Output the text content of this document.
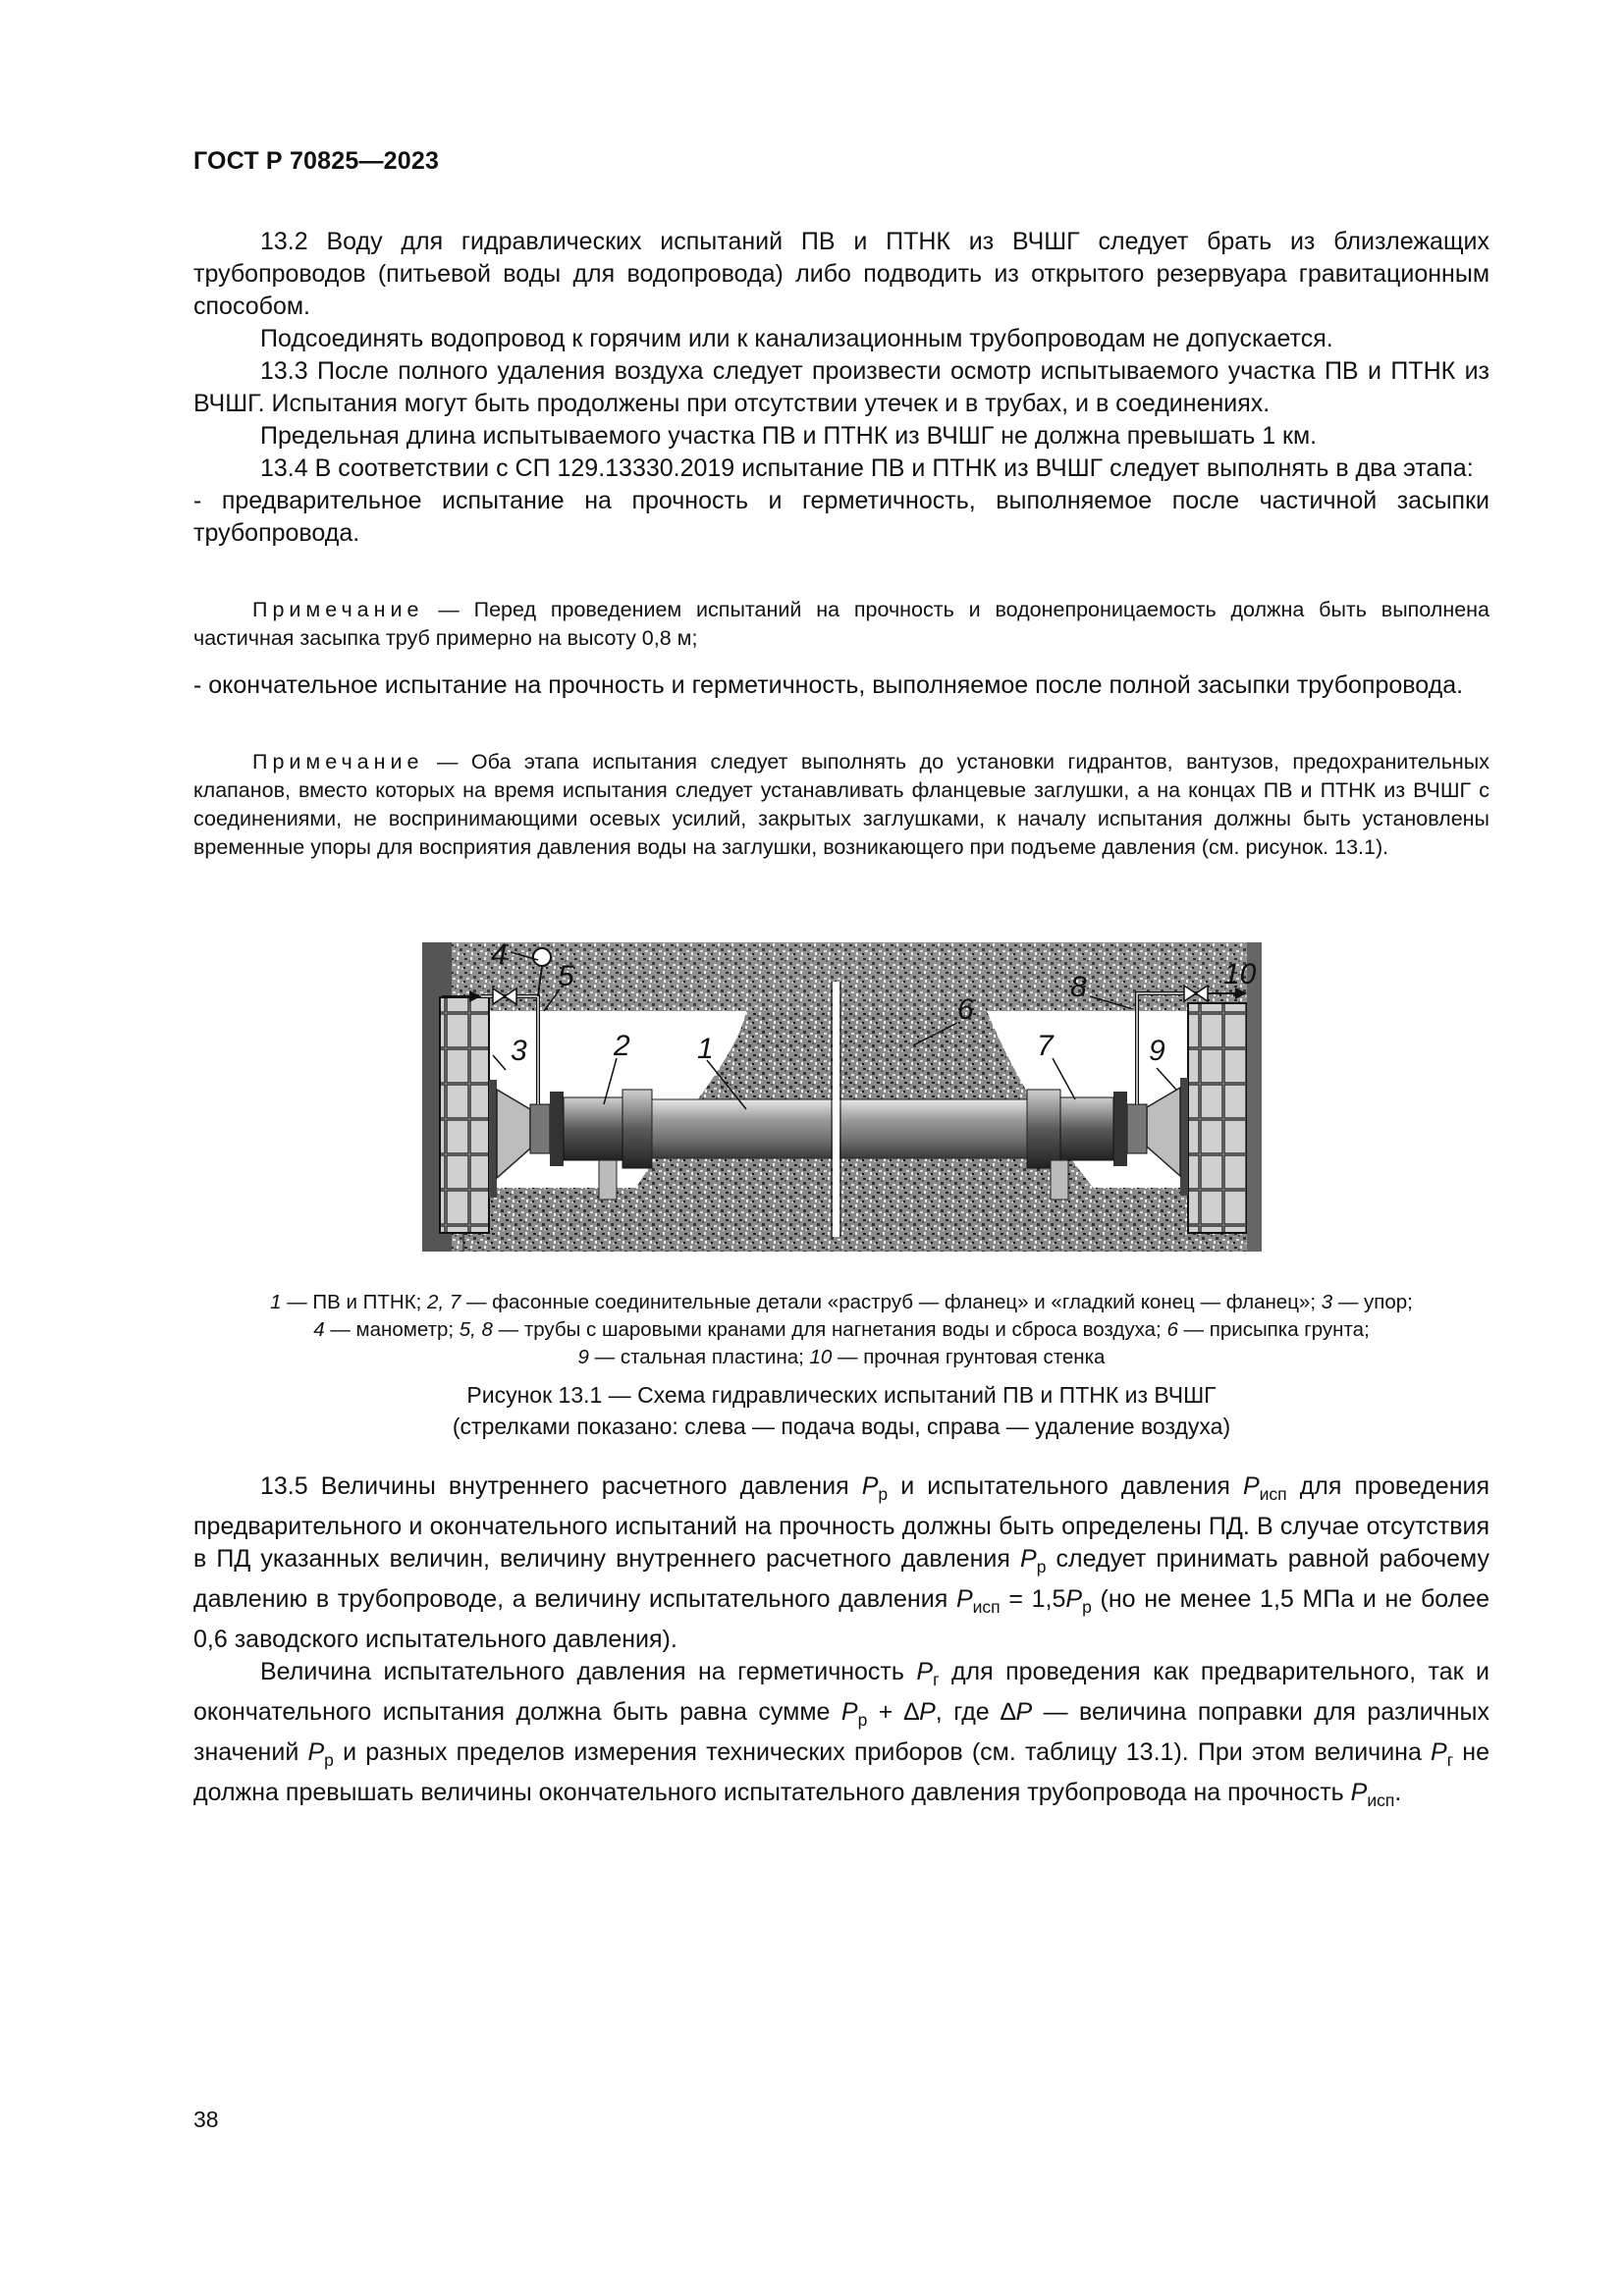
ГОСТ Р 70825—2023

13.2 Воду для гидравлических испытаний ПВ и ПТНК из ВЧШГ следует брать из близлежащих трубопроводов (питьевой воды для водопровода) либо подводить из открытого резервуара гравитационным способом.

Подсоединять водопровод к горячим или к канализационным трубопроводам не допускается.

13.3 После полного удаления воздуха следует произвести осмотр испытываемого участка ПВ и ПТНК из ВЧШГ. Испытания могут быть продолжены при отсутствии утечек и в трубах, и в соединениях.

Предельная длина испытываемого участка ПВ и ПТНК из ВЧШГ не должна превышать 1 км.

13.4 В соответствии с СП 129.13330.2019 испытание ПВ и ПТНК из ВЧШГ следует выполнять в два этапа:

- предварительное испытание на прочность и герметичность, выполняемое после частичной засыпки трубопровода.

Примечание — Перед проведением испытаний на прочность и водонепроницаемость должна быть выполнена частичная засыпка труб примерно на высоту 0,8 м;

- окончательное испытание на прочность и герметичность, выполняемое после полной засыпки трубопровода.

Примечание — Оба этапа испытания следует выполнять до установки гидрантов, вантузов, предохранительных клапанов, вместо которых на время испытания следует устанавливать фланцевые заглушки, а на концах ПВ и ПТНК из ВЧШГ с соединениями, не воспринимающими осевых усилий, закрытых заглушками, к началу испытания должны быть установлены временные упоры для восприятия давления воды на заглушки, возникающего при подъеме давления (см. рисунок. 13.1).
4
5
3	2 1
6
7
8
9
10
1 — ПВ и ПТНК; 2, 7 — фасонные соединительные детали «раструб — фланец» и «гладкий конец — фланец»; 3 — упор;
4 — манометр; 5, 8 — трубы с шаровыми кранами для нагнетания воды и сброса воздуха; 6 — присыпка грунта;
9 — стальная пластина; 10 — прочная грунтовая стенка
Рисунок 13.1 — Схема гидравлических испытаний ПВ и ПТНК из ВЧШГ
(стрелками показано: слева — подача воды, справа — удаление воздуха)

13.5 Величины внутреннего расчетного давления $P_р$ и испытательного давления $P_{исп}$ для проведения предварительного и окончательного испытаний на прочность должны быть определены ПД. В случае отсутствия в ПД указанных величин, величину внутреннего расчетного давления $P_р$ следует принимать равной рабочему давлению в трубопроводе, а величину испытательного давления $P_{исп} = 1,5P_р$ (но не менее 1,5 МПа и не более 0,6 заводского испытательного давления).

Величина испытательного давления на герметичность $P_г$ для проведения как предварительного, так и окончательного испытания должна быть равна сумме $P_р + \Delta P$, где ∆P — величина поправки для различных значений $P_р$ и разных пределов измерения технических приборов (см. таблицу 13.1). При этом величина $P_г$ не должна превышать величины окончательного испытательного давления трубопровода на прочность $P_{исп}$.

38
